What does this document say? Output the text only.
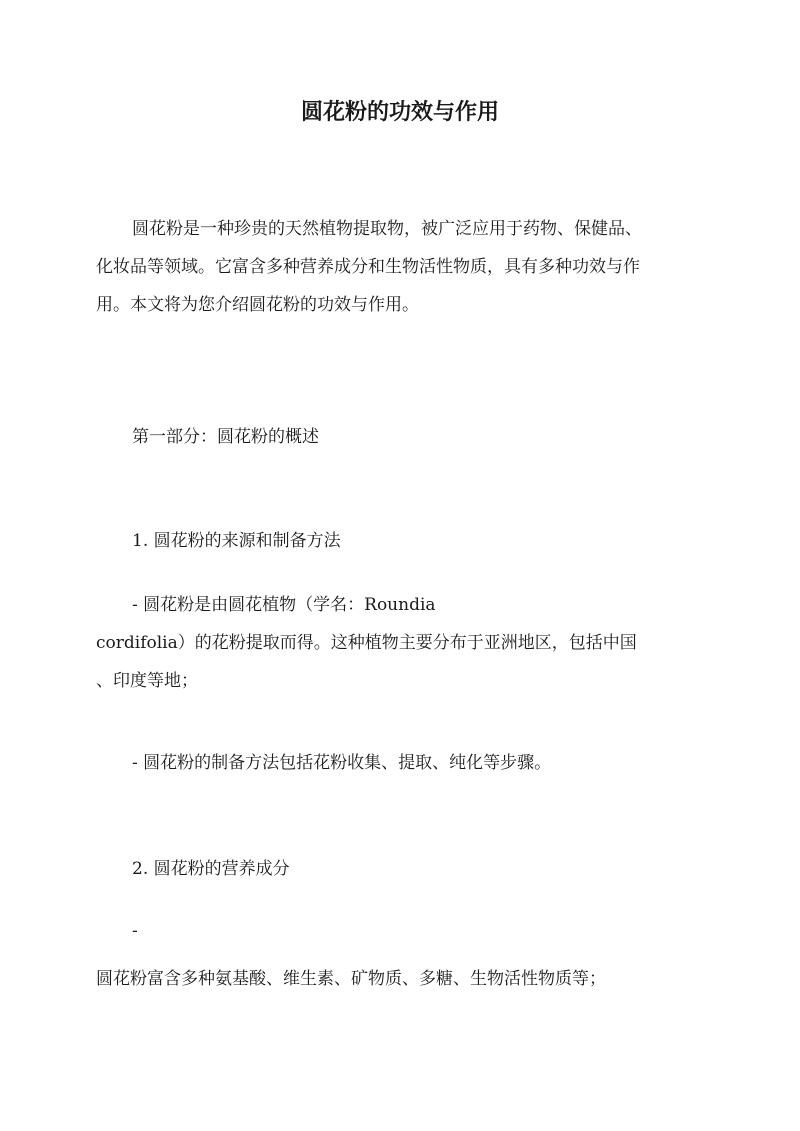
圆花粉的功效与作用
圆花粉是一种珍贵的天然植物提取物，被广泛应用于药物、保健品、
化妆品等领域。它富含多种营养成分和生物活性物质，具有多种功效与作
用。本文将为您介绍圆花粉的功效与作用。

第一部分：圆花粉的概述

1. 圆花粉的来源和制备方法

- 圆花粉是由圆花植物（学名：Roundia
cordifolia）的花粉提取而得。这种植物主要分布于亚洲地区，包括中国
、印度等地；

- 圆花粉的制备方法包括花粉收集、提取、纯化等步骤。

2. 圆花粉的营养成分

-

圆花粉富含多种氨基酸、维生素、矿物质、多糖、生物活性物质等；
